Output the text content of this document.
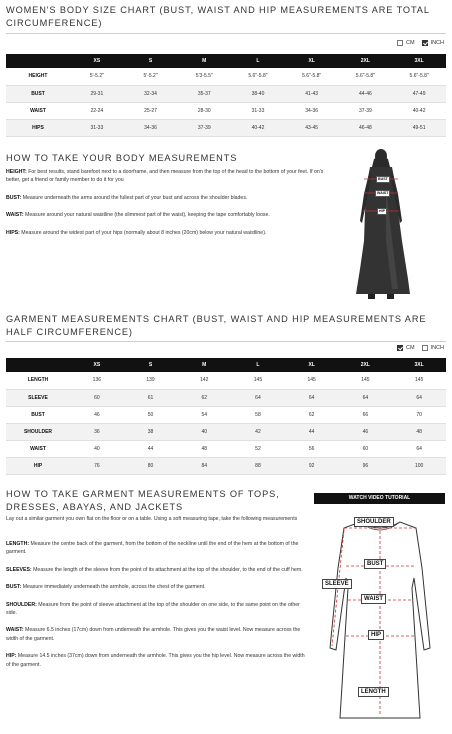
WOMEN'S BODY SIZE CHART (BUST, WAIST AND HIP MEASUREMENTS ARE TOTAL CIRCUMFERENCE)
CM	INCH
	XS	S	M	L	XL	2XL	3XL
HEIGHT	5'-5.2"	5'-5.2"	5'3-5.5"	5.6"-5.8"	5.6"-5.8"	5.6"-5.8"	5.6"-5.8"
BUST	29-31	32-34	35-37	38-40	41-43	44-46	47-49
WAIST	22-24	25-27	28-30	31-33	34-36	37-39	40-42
HIPS	31-33	34-36	37-39	40-42	43-45	46-48	49-51
HOW TO TAKE YOUR BODY MEASUREMENTS

HEIGHT: For best results, stand barefoot next to a doorframe, and then measure from the top of the head to the bottom of your feet. If on's better, get a friend or family member to do it for you

BUST: Measure underneath the arms around the fullest part of your bust and across the shoulder blades.

WAIST: Measure around your natural waistline (the slimmest part of the waist), keeping the tape comfortably loose.

HIPS: Measure around the widest part of your hips (normally about 8 inches (20cm) below your natural waistline).

BUST
WAIST
HIP
GARMENT MEASUREMENTS CHART (BUST, WAIST AND HIP MEASUREMENTS ARE HALF CIRCUMFERENCE)
CM	INCH
	XS	S	M	L	XL	2XL	3XL
LENGTH	136	139	142	145	145	145	145
SLEEVE	60	61	62	64	64	64	64
BUST	46	50	54	58	62	66	70
SHOULDER	36	38	40	42	44	46	48
WAIST	40	44	48	52	56	60	64
HIP	76	80	84	88	92	96	100
HOW TO TAKE GARMENT MEASUREMENTS OF TOPS, DRESSES, ABAYAS, AND JACKETS
Lay out a similar garment you own flat on the floor or on a table. Using a soft measuring tape, take the following measurements

LENGTH: Measure the centre back of the garment, from the bottom of the neckline until the end of the hem at the bottom of the garment.

SLEEVES: Measure the length of the sleeve from the point of its attachment at the top of the shoulder, to the end of the cuff hem.

BUST: Measure immediately underneath the armhole, across the chest of the garment.

SHOULDER: Measure from the point of sleeve attachment at the top of the shoulder on one side, to the same point on the other side.

WAIST: Measure 6.5 inches (17cm) down from underneath the armhole. This gives you the waist level. Now measure across the width of the garment.

HIP: Measure 14.5 inches (37cm) down from underneath the armhole. This gives you the hip level. Now measure across the width of the garment.

WATCH VIDEO TUTORIAL
SHOULDER
BUST
SLEEVE
WAIST
HIP
LENGTH
